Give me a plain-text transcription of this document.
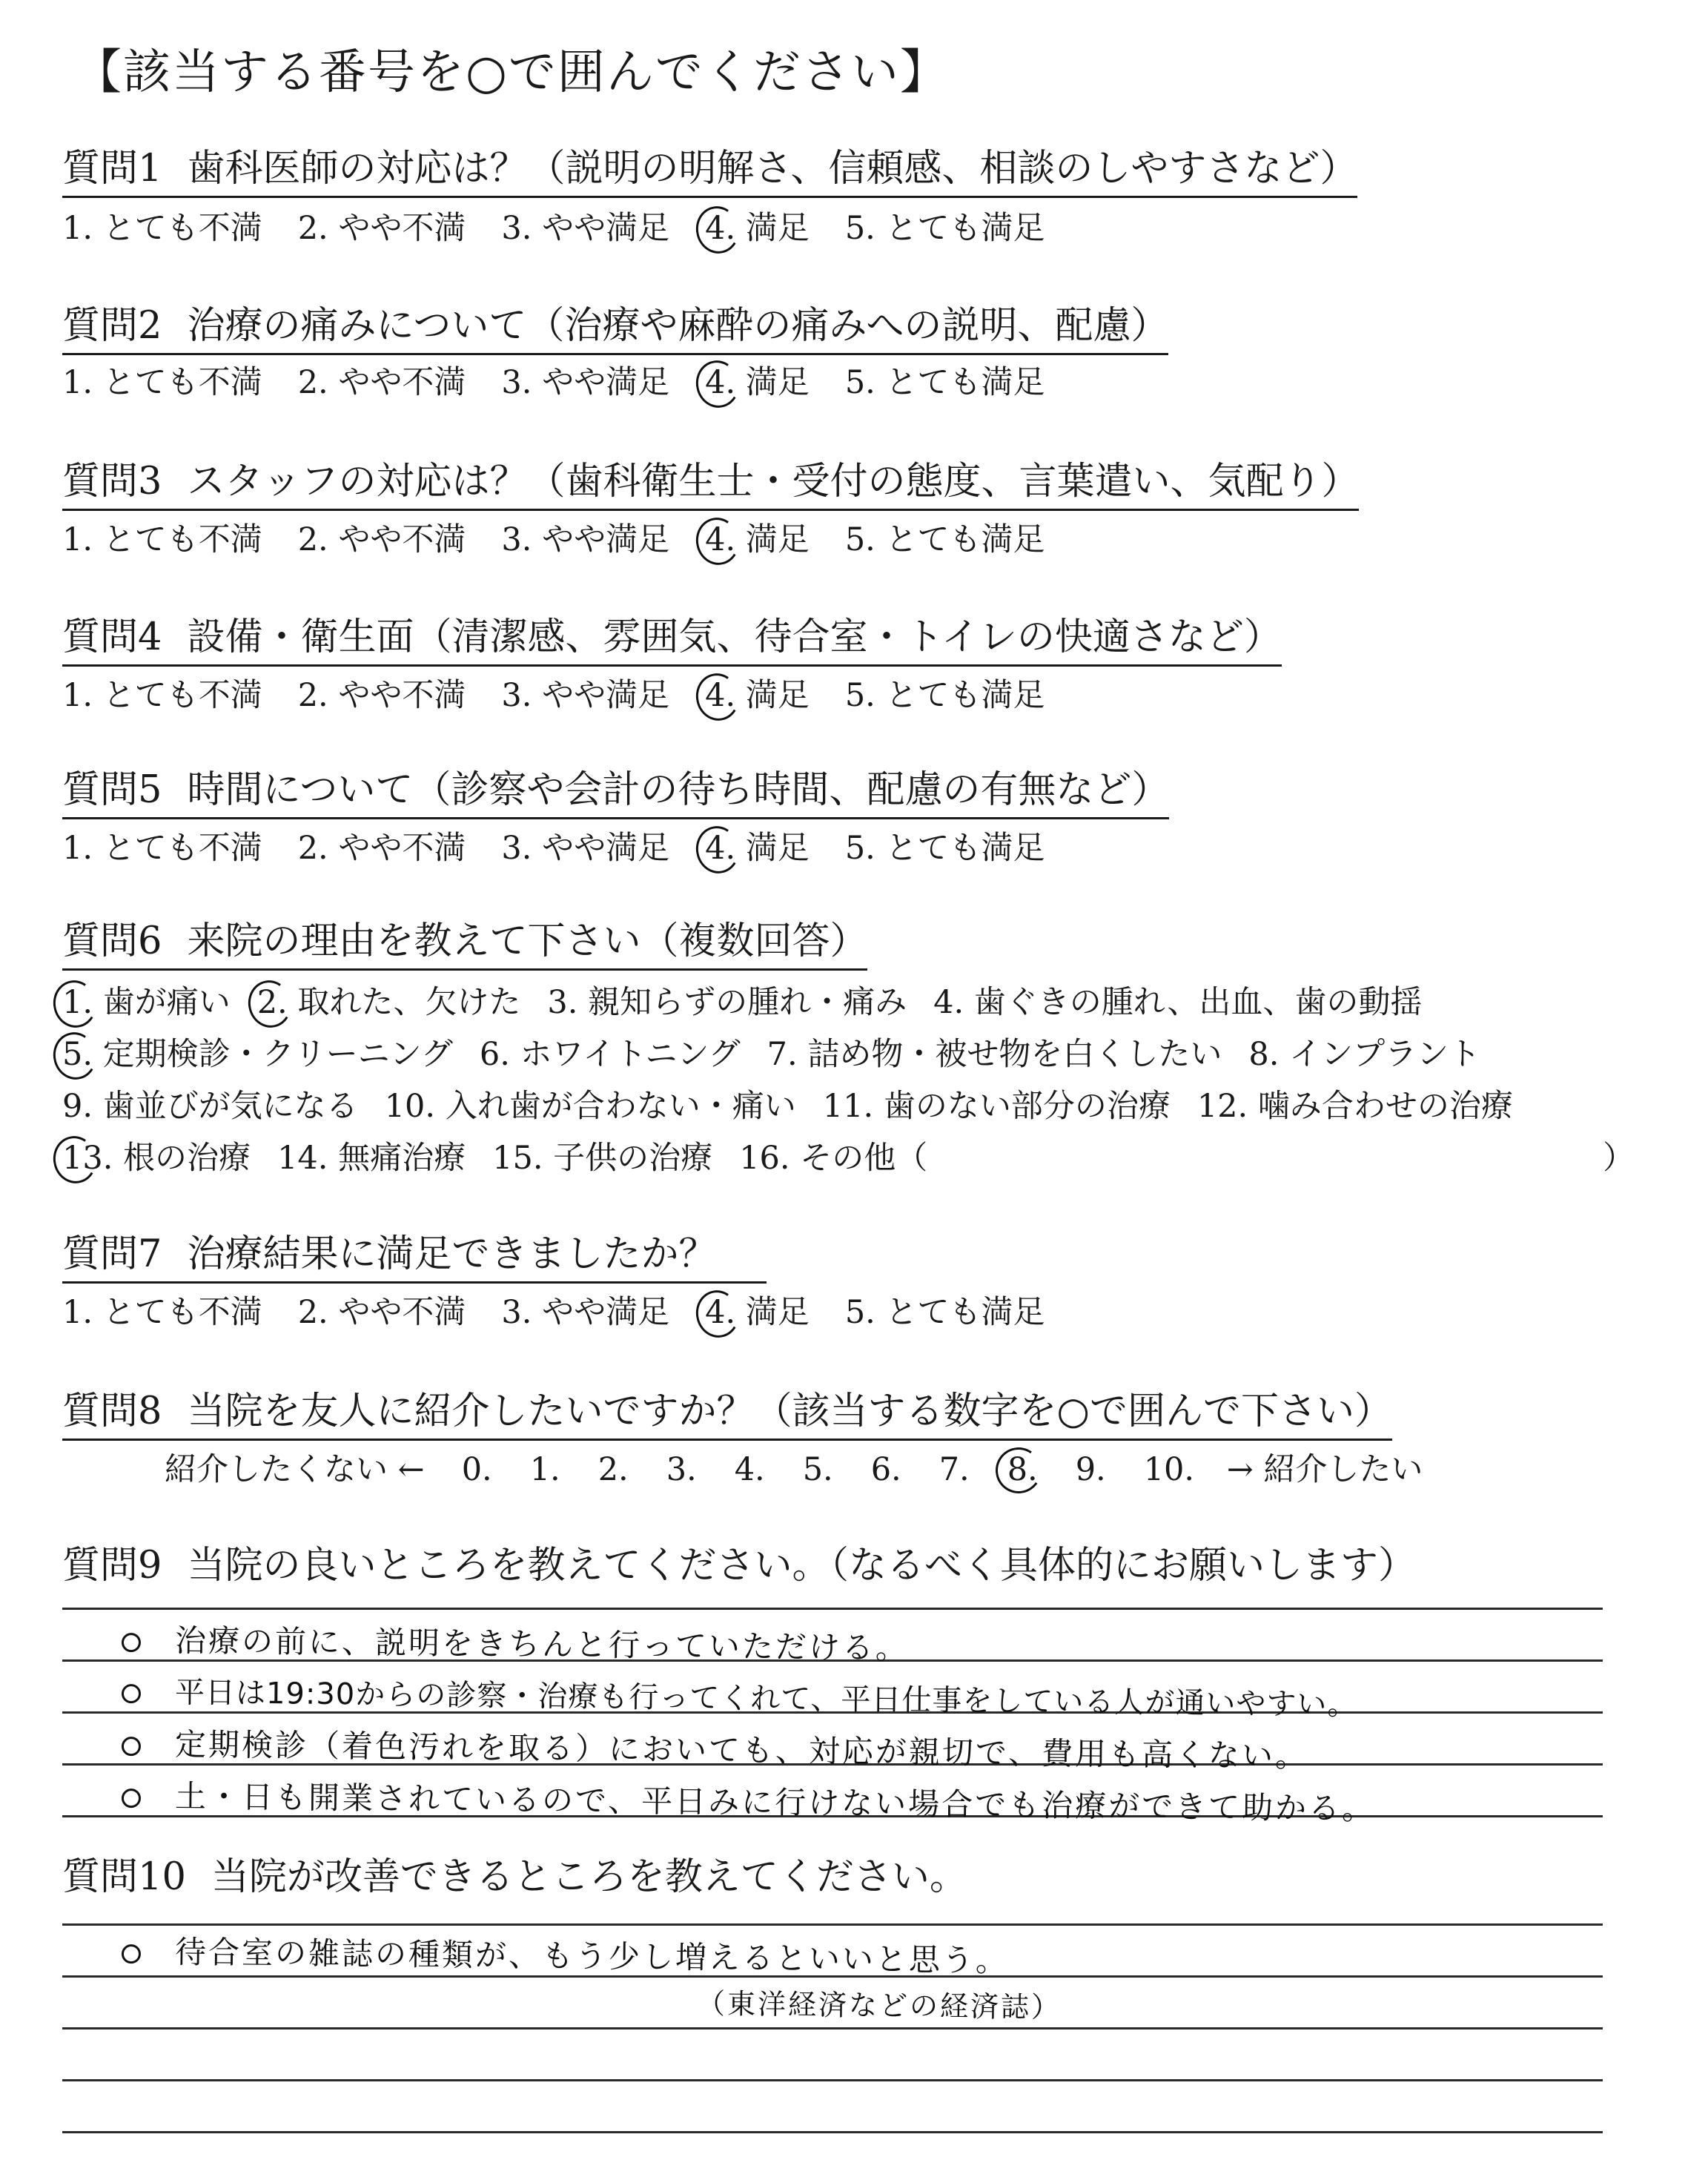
【該当する番号を○で囲んでください】
質問1 歯科医師の対応は？（説明の明解さ、信頼感、相談のしやすさなど）
1. とても不満 2. やや不満 3. やや満足 4. 満足 5. とても満足
質問2 治療の痛みについて（治療や麻酔の痛みへの説明、配慮）
1. とても不満 2. やや不満 3. やや満足 4. 満足 5. とても満足
質問3 スタッフの対応は？（歯科衛生士・受付の態度、言葉遣い、気配り）
1. とても不満 2. やや不満 3. やや満足 4. 満足 5. とても満足
質問4 設備・衛生面（清潔感、雰囲気、待合室・トイレの快適さなど）
1. とても不満 2. やや不満 3. やや満足 4. 満足 5. とても満足
質問5 時間について（診察や会計の待ち時間、配慮の有無など）
1. とても不満 2. やや不満 3. やや満足 4. 満足 5. とても満足
質問6 来院の理由を教えて下さい（複数回答）
1. 歯が痛い 2. 取れた、欠けた 3. 親知らずの腫れ・痛み 4. 歯ぐきの腫れ、出血、歯の動揺
5. 定期検診・クリーニング 6. ホワイトニング 7. 詰め物・被せ物を白くしたい 8. インプラント
9. 歯並びが気になる 10. 入れ歯が合わない・痛い 11. 歯のない部分の治療 12. 噛み合わせの治療
13. 根の治療 14. 無痛治療 15. 子供の治療 16. その他（	）
質問7 治療結果に満足できましたか？
1. とても不満 2. やや不満 3. やや満足 4. 満足 5. とても満足
質問8 当院を友人に紹介したいですか？（該当する数字を○で囲んで下さい）
紹介したくない ← 0. 1. 2. 3. 4. 5. 6. 7. 8. 9. 10. → 紹介したい
質問9 当院の良いところを教えてください。（なるべく具体的にお願いします）
治療の前に、説明をきちんと行っていただける。
平日は19:30からの診察・治療も行ってくれて、平日仕事をしている人が通いやすい。
定期検診（着色汚れを取る）においても、対応が親切で、費用も高くない。
土・日も開業されているので、平日みに行けない場合でも治療ができて助かる。
質問10 当院が改善できるところを教えてください。
待合室の雑誌の種類が、もう少し増えるといいと思う。
（東洋経済などの経済誌）
